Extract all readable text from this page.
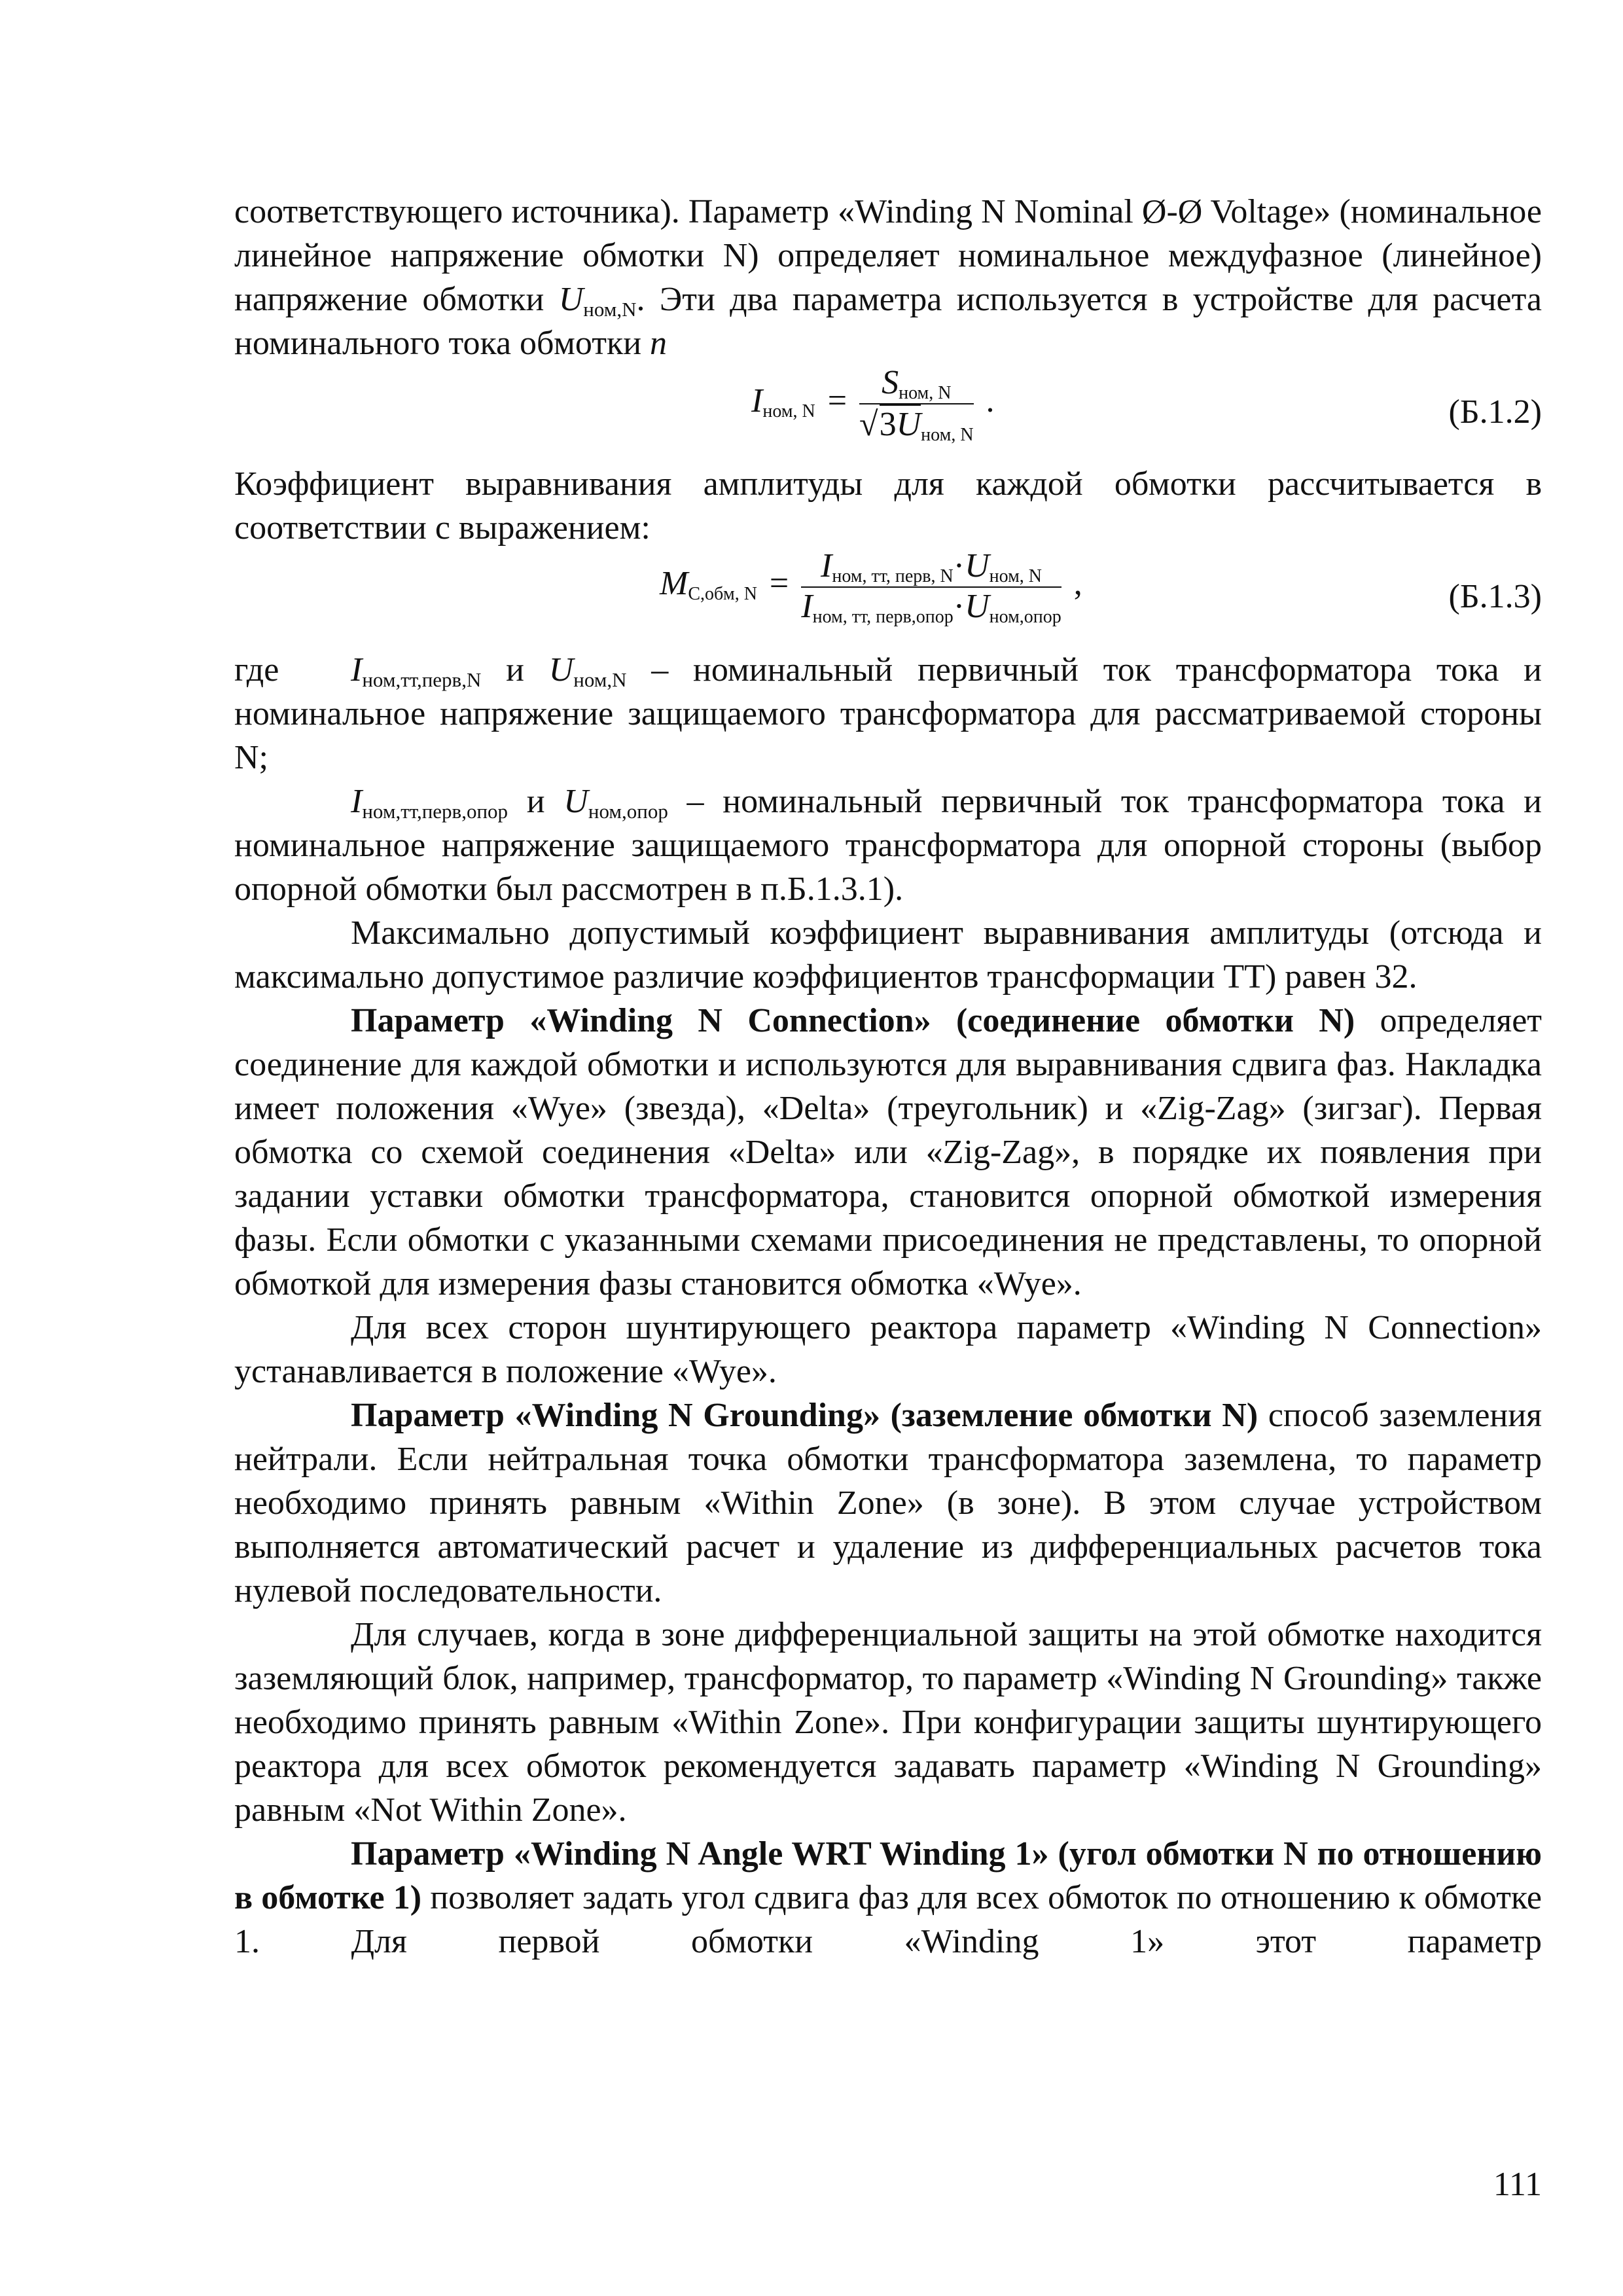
соответствующего источника). Параметр «Winding N Nominal Ø-Ø Voltage» (номинальное линейное напряжение обмотки N) определяет номинальное междуфазное (линейное) напряжение обмотки $U_{ном,N}$. Эти два параметра используется в устройстве для расчета номинального тока обмотки n

Iном, $N = \frac{\text{Sном, N}}{\text{√3Uном, N}}$ .	(Б.1.2)

Коэффициент выравнивания амплитуды для каждой обмотки рассчитывается в соответствии с выражением:

MC,обм, $N = \frac{\text{Iном, тт, перв, N·Uном, N}}{\text{Iном, тт, перв,опор·Uном,опор}}$ ,	(Б.1.3)

где $I_{ном,тт,перв,N}$ и $U_{ном,N}$ – номинальный первичный ток трансформатора тока и номинальное напряжение защищаемого трансформатора для рассматриваемой стороны N;

$I_{ном,тт,перв,опор}$ и $U_{ном,опор}$ – номинальный первичный ток трансформатора тока и номинальное напряжение защищаемого трансформатора для опорной стороны (выбор опорной обмотки был рассмотрен в п.Б.1.3.1).

Максимально допустимый коэффициент выравнивания амплитуды (отсюда и максимально допустимое различие коэффициентов трансформации ТТ) равен 32.

Параметр «Winding N Connection» (соединение обмотки N) определяет соединение для каждой обмотки и используются для выравнивания сдвига фаз. Накладка имеет положения «Wye» (звезда), «Delta» (треугольник) и «Zig-Zag» (зигзаг). Первая обмотка со схемой соединения «Delta» или «Zig-Zag», в порядке их появления при задании уставки обмотки трансформатора, становится опорной обмоткой измерения фазы. Если обмотки с указанными схемами присоединения не представлены, то опорной обмоткой для измерения фазы становится обмотка «Wye».

Для всех сторон шунтирующего реактора параметр «Winding N Connection» устанавливается в положение «Wye».

Параметр «Winding N Grounding» (заземление обмотки N) способ заземления нейтрали. Если нейтральная точка обмотки трансформатора заземлена, то параметр необходимо принять равным «Within Zone» (в зоне). В этом случае устройством выполняется автоматический расчет и удаление из дифференциальных расчетов тока нулевой последовательности.

Для случаев, когда в зоне дифференциальной защиты на этой обмотке находится заземляющий блок, например, трансформатор, то параметр «Winding N Grounding» также необходимо принять равным «Within Zone». При конфигурации защиты шунтирующего реактора для всех обмоток рекомендуется задавать параметр «Winding N Grounding» равным «Not Within Zone».

Параметр «Winding N Angle WRT Winding 1» (угол обмотки N по отношению в обмотке 1) позволяет задать угол сдвига фаз для всех обмоток по отношению к обмотке 1. Для первой обмотки «Winding 1» этот параметр

111
